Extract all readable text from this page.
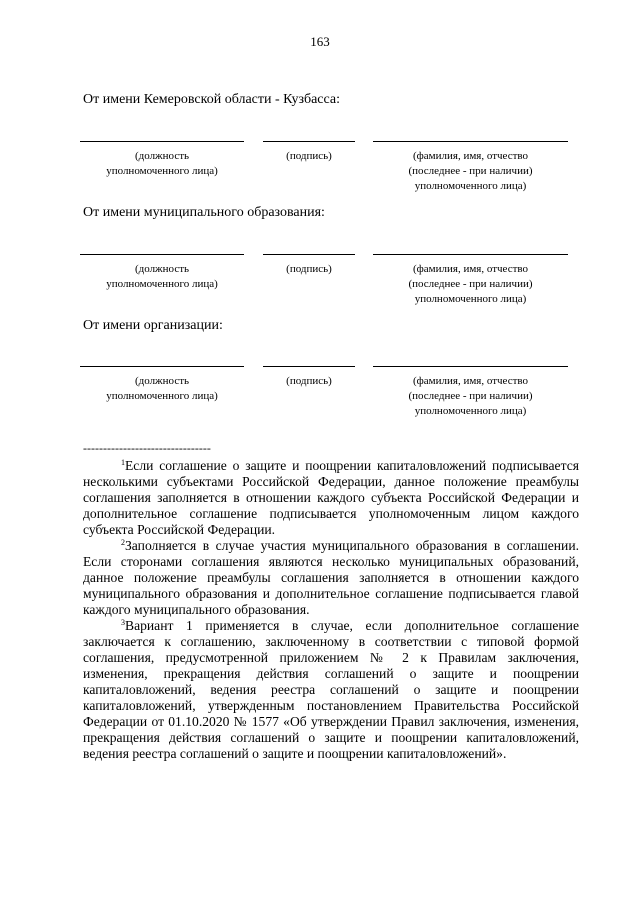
163
От имени Кемеровской области - Кузбасса:
(должность
уполномоченного лица)
(подпись)	(фамилия, имя, отчество
(последнее - при наличии)
уполномоченного лица)
От имени муниципального образования:
(должность
уполномоченного лица)
(подпись)	(фамилия, имя, отчество
(последнее - при наличии)
уполномоченного лица)
От имени организации:
(должность
уполномоченного лица)
(подпись)	(фамилия, имя, отчество
(последнее - при наличии)
уполномоченного лица)
--------------------------------

$^1$Если соглашение о защите и поощрении капиталовложений подписывается несколькими субъектами Российской Федерации, данное положение преамбулы соглашения заполняется в отношении каждого субъекта Российской Федерации и дополнительное соглашение подписывается уполномоченным лицом каждого субъекта Российской Федерации.

$^2$Заполняется в случае участия муниципального образования в соглашении. Если сторонами соглашения являются несколько муниципальных образований, данное положение преамбулы соглашения заполняется в отношении каждого муниципального образования и дополнительное соглашение подписывается главой каждого муниципального образования.

$^3$Вариант 1 применяется в случае, если дополнительное соглашение заключается к соглашению, заключенному в соответствии с типовой формой соглашения, предусмотренной приложением № 2 к Правилам заключения, изменения, прекращения действия соглашений о защите и поощрении капиталовложений, ведения реестра соглашений о защите и поощрении капиталовложений, утвержденным постановлением Правительства Российской Федерации от 01.10.2020 № 1577 «Об утверждении Правил заключения, изменения, прекращения действия соглашений о защите и поощрении капиталовложений, ведения реестра соглашений о защите и поощрении капиталовложений».
